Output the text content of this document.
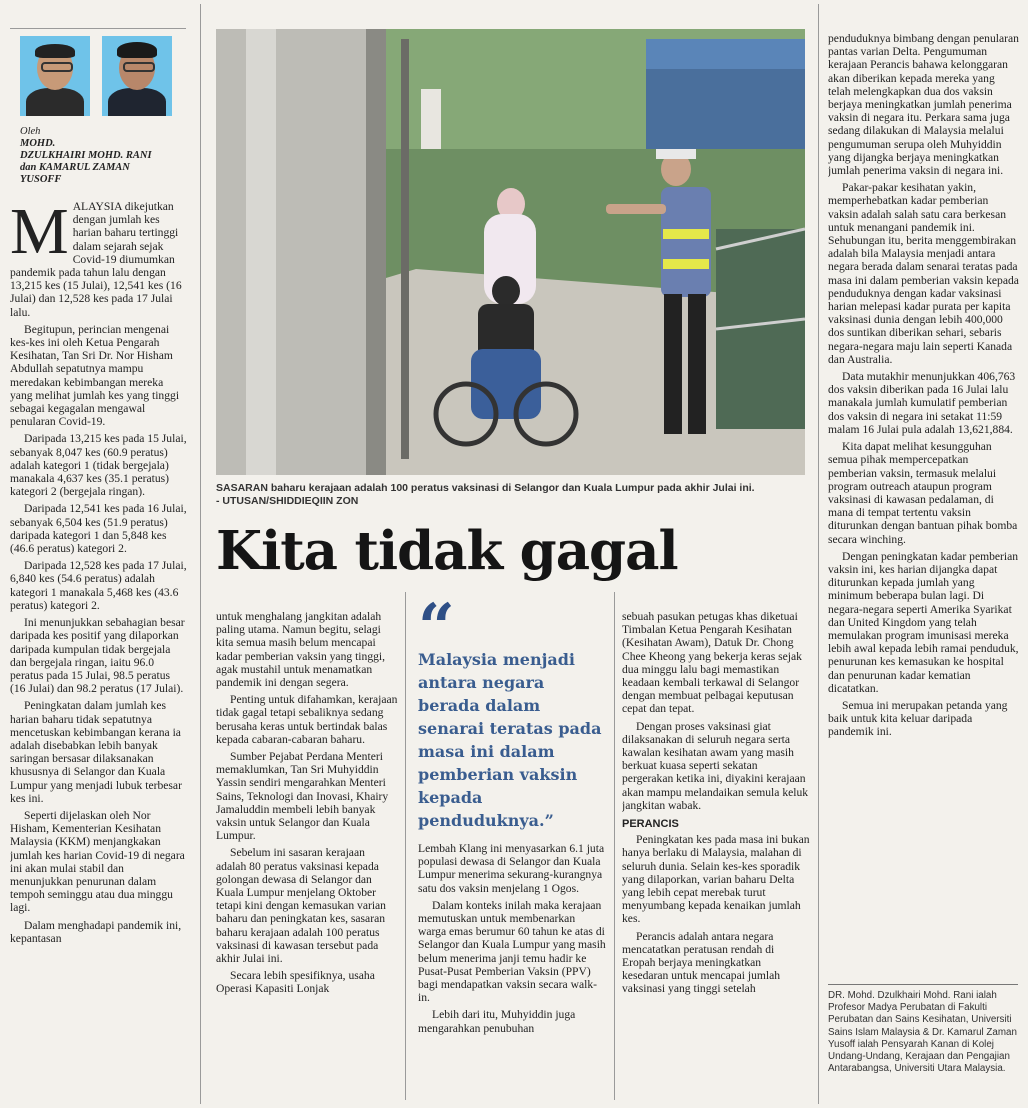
Oleh
MOHD.
DZULKHAIRI MOHD. RANI
dan KAMARUL ZAMAN
YUSOFF

MALAYSIA dikejutkan dengan jumlah kes harian baharu tertinggi dalam sejarah sejak Covid-19 diumumkan pandemik pada tahun lalu dengan 13,215 kes (15 Julai), 12,541 kes (16 Julai) dan 12,528 kes pada 17 Julai lalu.

Begitupun, perincian mengenai kes-kes ini oleh Ketua Pengarah Kesihatan, Tan Sri Dr. Nor Hisham Abdullah sepatutnya mampu meredakan kebimbangan mereka yang melihat jumlah kes yang tinggi sebagai kegagalan mengawal penularan Covid-19.

Daripada 13,215 kes pada 15 Julai, sebanyak 8,047 kes (60.9 peratus) adalah kategori 1 (tidak bergejala) manakala 4,637 kes (35.1 peratus) kategori 2 (bergejala ringan).

Daripada 12,541 kes pada 16 Julai, sebanyak 6,504 kes (51.9 peratus) daripada kategori 1 dan 5,848 kes (46.6 peratus) kategori 2.

Daripada 12,528 kes pada 17 Julai, 6,840 kes (54.6 peratus) adalah kategori 1 manakala 5,468 kes (43.6 peratus) kategori 2.

Ini menunjukkan sebahagian besar daripada kes positif yang dilaporkan daripada kumpulan tidak bergejala dan bergejala ringan, iaitu 96.0 peratus pada 15 Julai, 98.5 peratus (16 Julai) dan 98.2 peratus (17 Julai).

Peningkatan dalam jumlah kes harian baharu tidak sepatutnya mencetuskan kebimbangan kerana ia adalah disebabkan lebih banyak saringan bersasar dilaksanakan khususnya di Selangor dan Kuala Lumpur yang menjadi lubuk terbesar kes ini.

Seperti dijelaskan oleh Nor Hisham, Kementerian Kesihatan Malaysia (KKM) menjangkakan jumlah kes harian Covid-19 di negara ini akan mulai stabil dan menunjukkan penurunan dalam tempoh seminggu atau dua minggu lagi.

Dalam menghadapi pandemik ini, kepantasan

SASARAN baharu kerajaan adalah 100 peratus vaksinasi di Selangor dan Kuala Lumpur pada akhir Julai ini.
- UTUSAN/SHIDDIEQIIN ZON
Kita tidak gagal

untuk menghalang jangkitan adalah paling utama. Namun begitu, selagi kita semua masih belum mencapai kadar pemberian vaksin yang tinggi, agak mustahil untuk menamatkan pandemik ini dengan segera.

Penting untuk difahamkan, kerajaan tidak gagal tetapi sebaliknya sedang berusaha keras untuk bertindak balas kepada cabaran-cabaran baharu.

Sumber Pejabat Perdana Menteri memaklumkan, Tan Sri Muhyiddin Yassin sendiri mengarahkan Menteri Sains, Teknologi dan Inovasi, Khairy Jamaluddin membeli lebih banyak vaksin untuk Selangor dan Kuala Lumpur.

Sebelum ini sasaran kerajaan adalah 80 peratus vaksinasi kepada golongan dewasa di Selangor dan Kuala Lumpur menjelang Oktober tetapi kini dengan kemasukan varian baharu dan peningkatan kes, sasaran baharu kerajaan adalah 100 peratus vaksinasi di kawasan tersebut pada akhir Julai ini.

Secara lebih spesifiknya, usaha Operasi Kapasiti Lonjak

“
Malaysia menjadi antara negara berada dalam senarai teratas pada masa ini dalam pemberian vaksin kepada penduduknya.”

Lembah Klang ini menyasarkan 6.1 juta populasi dewasa di Selangor dan Kuala Lumpur menerima sekurang-kurangnya satu dos vaksin menjelang 1 Ogos.

Dalam konteks inilah maka kerajaan memutuskan untuk membenarkan warga emas berumur 60 tahun ke atas di Selangor dan Kuala Lumpur yang masih belum menerima janji temu hadir ke Pusat-Pusat Pemberian Vaksin (PPV) bagi mendapatkan vaksin secara walk-in.

Lebih dari itu, Muhyiddin juga mengarahkan penubuhan

sebuah pasukan petugas khas diketuai Timbalan Ketua Pengarah Kesihatan (Kesihatan Awam), Datuk Dr. Chong Chee Kheong yang bekerja keras sejak dua minggu lalu bagi memastikan keadaan kembali terkawal di Selangor dengan membuat pelbagai keputusan cepat dan tepat.

Dengan proses vaksinasi giat dilaksanakan di seluruh negara serta kawalan kesihatan awam yang masih berkuat kuasa seperti sekatan pergerakan ketika ini, diyakini kerajaan akan mampu melandaikan semula keluk jangkitan wabak.

PERANCIS

Peningkatan kes pada masa ini bukan hanya berlaku di Malaysia, malahan di seluruh dunia. Selain kes-kes sporadik yang dilaporkan, varian baharu Delta yang lebih cepat merebak turut menyumbang kepada kenaikan jumlah kes.

Perancis adalah antara negara mencatatkan peratusan rendah di Eropah berjaya meningkatkan kesedaran untuk mencapai jumlah vaksinasi yang tinggi setelah

penduduknya bimbang dengan penularan pantas varian Delta. Pengumuman kerajaan Perancis bahawa kelonggaran akan diberikan kepada mereka yang telah melengkapkan dua dos vaksin berjaya meningkatkan jumlah penerima vaksin di negara itu. Perkara sama juga sedang dilakukan di Malaysia melalui pengumuman serupa oleh Muhyiddin yang dijangka berjaya meningkatkan jumlah penerima vaksin di negara ini.

Pakar-pakar kesihatan yakin, memperhebatkan kadar pemberian vaksin adalah salah satu cara berkesan untuk menangani pandemik ini. Sehubungan itu, berita menggembirakan adalah bila Malaysia menjadi antara negara berada dalam senarai teratas pada masa ini dalam pemberian vaksin kepada penduduknya dengan kadar vaksinasi harian melepasi kadar purata per kapita vaksinasi dunia dengan lebih 400,000 dos suntikan diberikan sehari, sebaris negara-negara maju lain seperti Kanada dan Australia.

Data mutakhir menunjukkan 406,763 dos vaksin diberikan pada 16 Julai lalu manakala jumlah kumulatif pemberian dos vaksin di negara ini setakat 11:59 malam 16 Julai pula adalah 13,621,884.

Kita dapat melihat kesungguhan semua pihak mempercepatkan pemberian vaksin, termasuk melalui program outreach ataupun program vaksinasi di kawasan pedalaman, di mana di tempat tertentu vaksin diturunkan dengan bantuan pihak bomba secara winching.

Dengan peningkatan kadar pemberian vaksin ini, kes harian dijangka dapat diturunkan kepada jumlah yang minimum beberapa bulan lagi. Di negara-negara seperti Amerika Syarikat dan United Kingdom yang telah memulakan program imunisasi mereka lebih awal kepada lebih ramai penduduk, penurunan kes kemasukan ke hospital dan penurunan kadar kematian dicatatkan.

Semua ini merupakan petanda yang baik untuk kita keluar daripada pandemik ini.

DR. Mohd. Dzulkhairi Mohd. Rani ialah Profesor Madya Perubatan di Fakulti Perubatan dan Sains Kesihatan, Universiti Sains Islam Malaysia & Dr. Kamarul Zaman Yusoff ialah Pensyarah Kanan di Kolej Undang-Undang, Kerajaan dan Pengajian Antarabangsa, Universiti Utara Malaysia.
